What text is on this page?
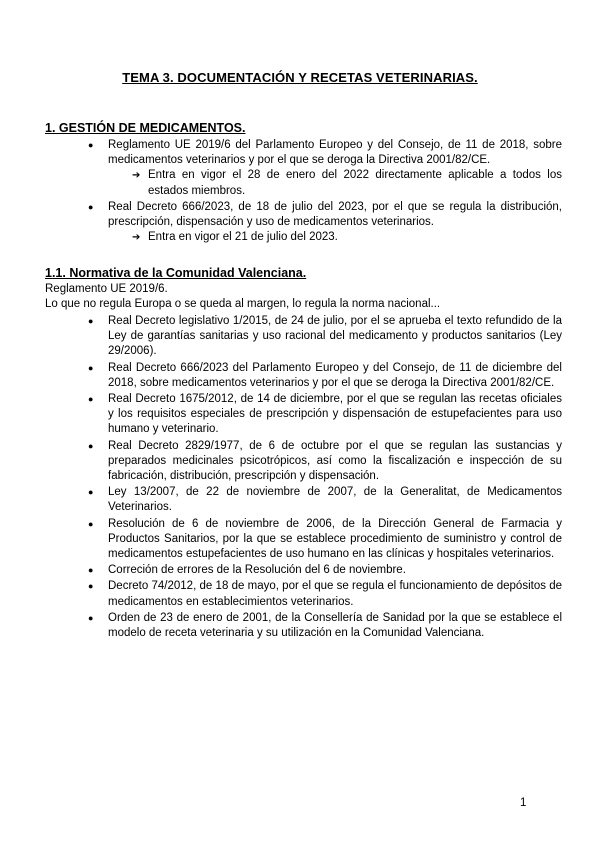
TEMA 3. DOCUMENTACIÓN Y RECETAS VETERINARIAS.
1. GESTIÓN DE MEDICAMENTOS.
● Reglamento UE 2019/6 del Parlamento Europeo y del Consejo, de 11 de 2018, sobre medicamentos veterinarios y por el que se deroga la Directiva 2001/82/CE.
➔ Entra en vigor el 28 de enero del 2022 directamente aplicable a todos los estados miembros.
● Real Decreto 666/2023, de 18 de julio del 2023, por el que se regula la distribución, prescripción, dispensación y uso de medicamentos veterinarios.
➔ Entra en vigor el 21 de julio del 2023.
1.1. Normativa de la Comunidad Valenciana.
Reglamento UE 2019/6.
Lo que no regula Europa o se queda al margen, lo regula la norma nacional...
● Real Decreto legislativo 1/2015, de 24 de julio, por el se aprueba el texto refundido de la Ley de garantías sanitarias y uso racional del medicamento y productos sanitarios (Ley 29/2006).
● Real Decreto 666/2023 del Parlamento Europeo y del Consejo, de 11 de diciembre del 2018, sobre medicamentos veterinarios y por el que se deroga la Directiva 2001/82/CE.
● Real Decreto 1675/2012, de 14 de diciembre, por el que se regulan las recetas oficiales y los requisitos especiales de prescripción y dispensación de estupefacientes para uso humano y veterinario.
● Real Decreto 2829/1977, de 6 de octubre por el que se regulan las sustancias y preparados medicinales psicotrópicos, así como la fiscalización e inspección de su fabricación, distribución, prescripción y dispensación.
● Ley 13/2007, de 22 de noviembre de 2007, de la Generalitat, de Medicamentos Veterinarios.
● Resolución de 6 de noviembre de 2006, de la Dirección General de Farmacia y Productos Sanitarios, por la que se establece procedimiento de suministro y control de medicamentos estupefacientes de uso humano en las clínicas y hospitales veterinarios.
● Correción de errores de la Resolución del 6 de noviembre.
● Decreto 74/2012, de 18 de mayo, por el que se regula el funcionamiento de depósitos de medicamentos en establecimientos veterinarios.
● Orden de 23 de enero de 2001, de la Consellería de Sanidad por la que se establece el modelo de receta veterinaria y su utilización en la Comunidad Valenciana.
1
